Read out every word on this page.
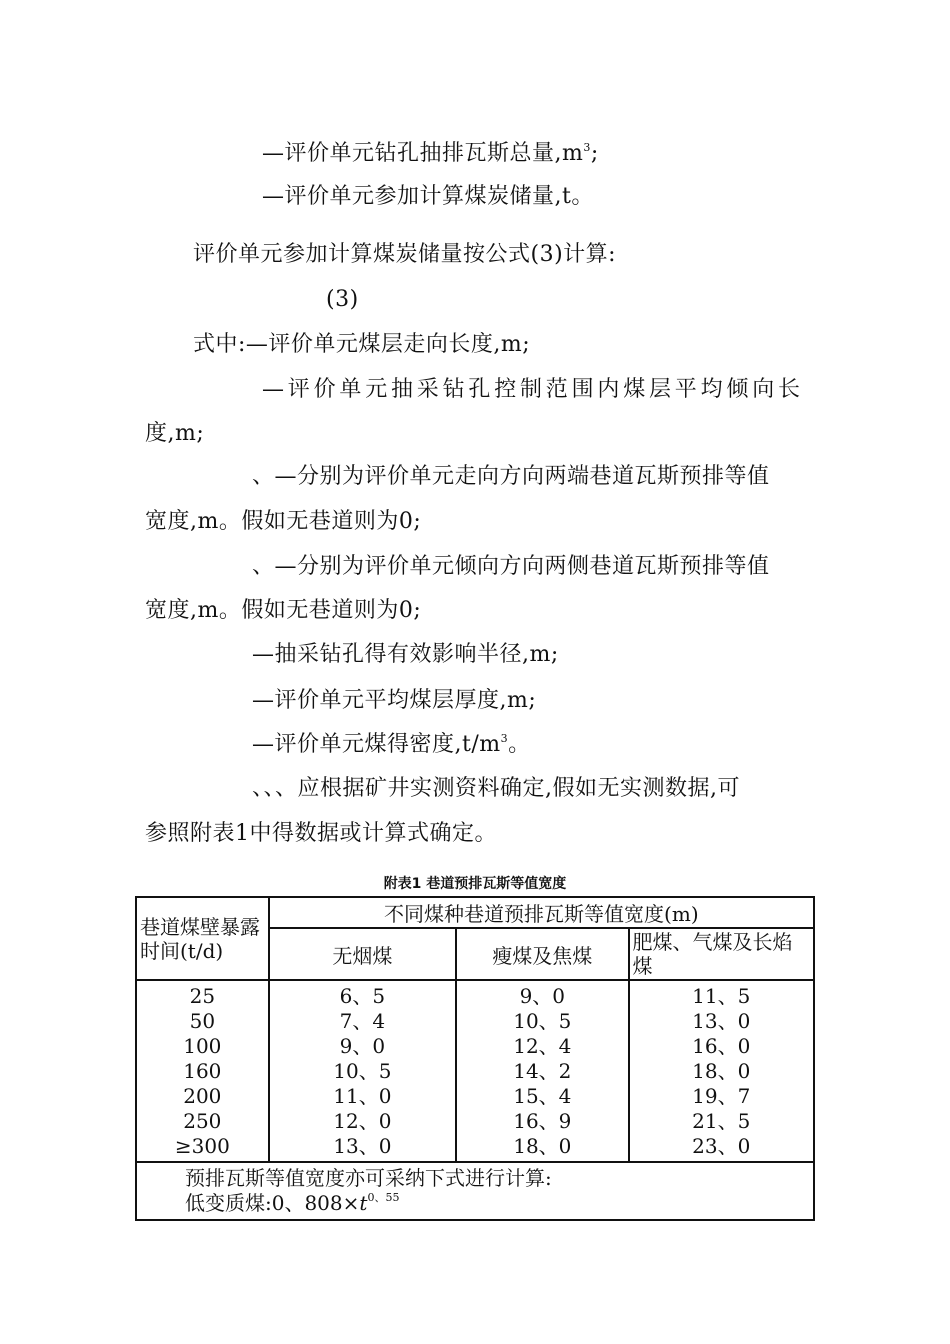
—评价单元钻孔抽排瓦斯总量$,m^3$;
—评价单元参加计算煤炭储量,t。
评价单元参加计算煤炭储量按公式(3)计算:
(3)
式中:—评价单元煤层走向长度,m;
—评价单元抽采钻孔控制范围内煤层平均倾向长
度,m;
、—分别为评价单元走向方向两端巷道瓦斯预排等值
宽度,m。假如无巷道则为0;
、—分别为评价单元倾向方向两侧巷道瓦斯预排等值
宽度,m。假如无巷道则为0;
—抽采钻孔得有效影响半径,m;
—评价单元平均煤层厚度,m;
—评价单元煤得密度$,t/m^3$。
、、、应根据矿井实测资料确定,假如无实测数据,可
参照附表1中得数据或计算式确定。
附表1 巷道预排瓦斯等值宽度
巷道煤壁暴露时间(t/d)	不同煤种巷道预排瓦斯等值宽度(m)		
	无烟煤	瘦煤及焦煤	肥煤、气煤及长焰煤
25	6、5	9、0	11、5
50	7、4	10、5	13、0
100	9、0	12、4	16、0
160	10、5	14、2	18、0
200	11、0	15、4	19、7
250	12、0	16、9	21、5
≥300	13、0	18、0	23、0

预排瓦斯等值宽度亦可采纳下式进行计算:
低变质煤:0、$808\times t^{0、55}$
